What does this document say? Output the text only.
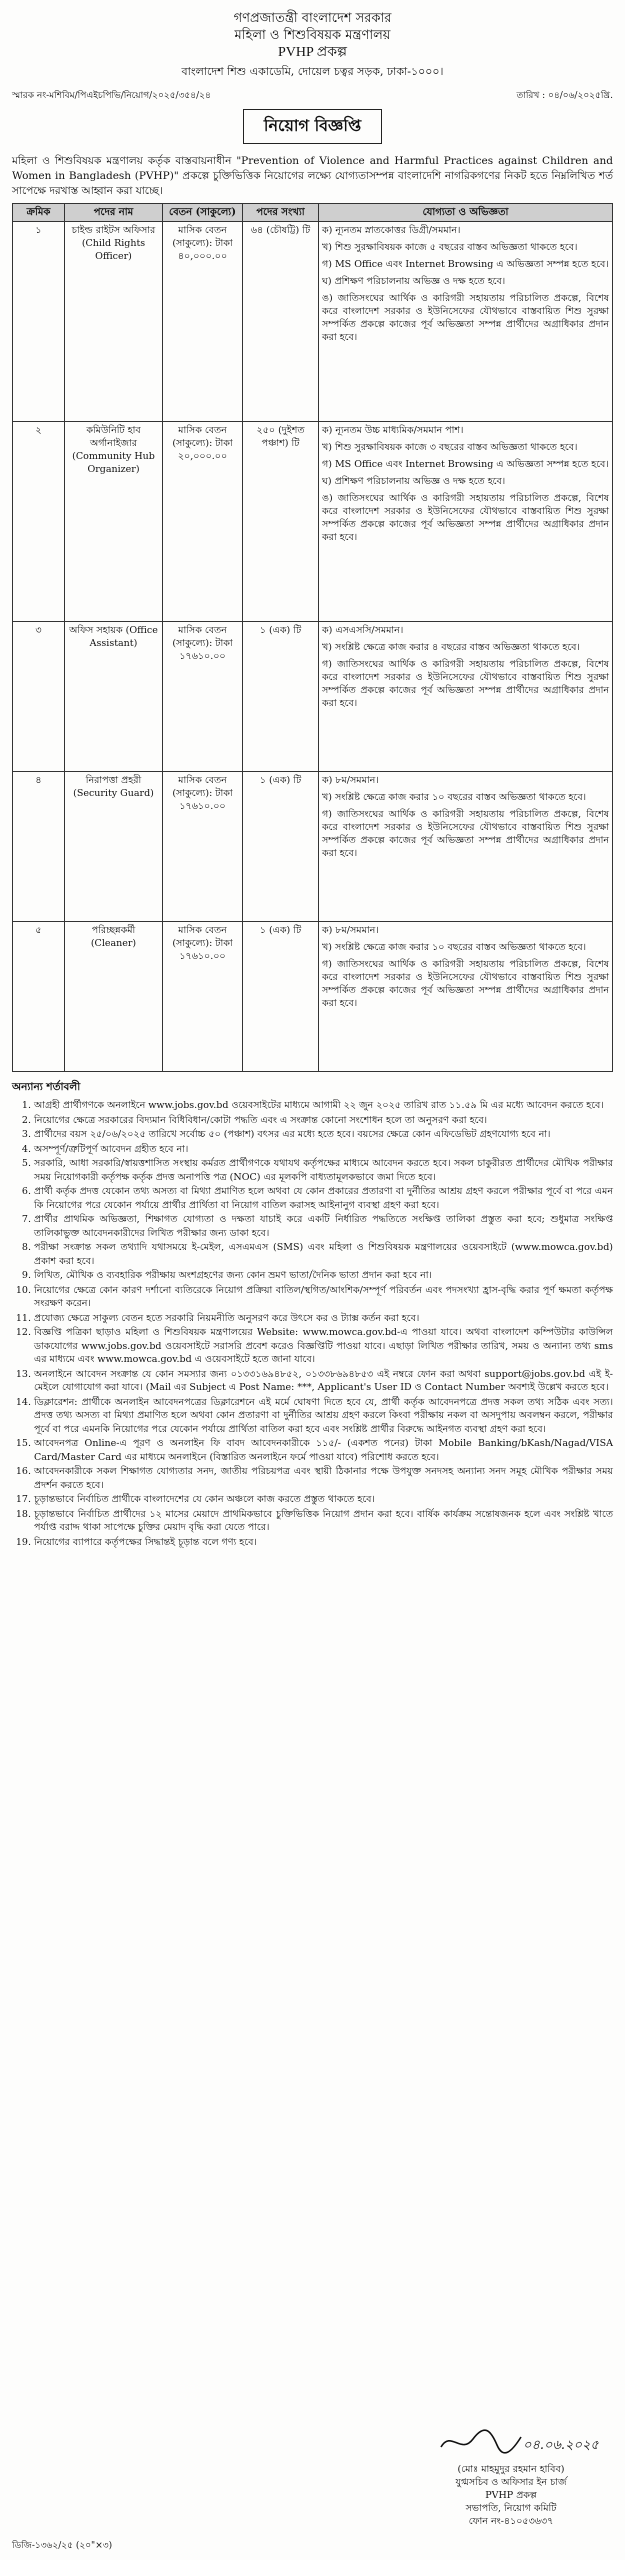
গণপ্রজাতন্ত্রী বাংলাদেশ সরকার
মহিলা ও শিশুবিষয়ক মন্ত্রণালয়
PVHP প্রকল্প
বাংলাদেশ শিশু একাডেমি, দোয়েল চত্বর সড়ক, ঢাকা-১০০০।
স্মারক নং-মশিবিম/পিএইচপিভি/নিয়োগ/২০২৫/৩৫৪/২৪	তারিখ : ০৪/০৬/২০২৫খ্রি.
নিয়োগ বিজ্ঞপ্তি
মহিলা ও শিশুবিষয়ক মন্ত্রণালয় কর্তৃক বাস্তবায়নাধীন "Prevention of Violence and Harmful Practices against Children and Women in Bangladesh (PVHP)" প্রকল্পে চুক্তিভিত্তিক নিয়োগের লক্ষ্যে যোগ্যতাসম্পন্ন বাংলাদেশি নাগরিকগণের নিকট হতে নিম্নলিখিত শর্ত সাপেক্ষে দরখাস্ত আহ্বান করা যাচ্ছে।
ক্রমিক	পদের নাম	বেতন (সাকুল্যে)	পদের সংখ্যা	যোগ্যতা ও অভিজ্ঞতা
১	চাইল্ড রাইটস অফিসার (Child Rights Officer)	মাসিক বেতন (সাকুল্যে): টাকা ৪০,০০০.০০	৬৪ (চৌষট্টি) টি	ক) ন্যূনতম স্নাতকোত্তর ডিগ্রী/সমমান।
খ) শিশু সুরক্ষাবিষয়ক কাজে ৫ বছরের বাস্তব অভিজ্ঞতা থাকতে হবে।
গ) MS Office এবং Internet Browsing এ অভিজ্ঞতা সম্পন্ন হতে হবে।
ঘ) প্রশিক্ষণ পরিচালনায় অভিজ্ঞ ও দক্ষ হতে হবে।
ঙ) জাতিসংঘের আর্থিক ও কারিগরী সহায়তায় পরিচালিত প্রকল্পে, বিশেষ করে বাংলাদেশ সরকার ও ইউনিসেফের যৌথভাবে বাস্তবায়িত শিশু সুরক্ষা সম্পর্কিত প্রকল্পে কাজের পূর্ব অভিজ্ঞতা সম্পন্ন প্রার্থীদের অগ্রাধিকার প্রদান করা হবে।

২	কমিউনিটি হাব অর্গানাইজার (Community Hub Organizer)	মাসিক বেতন (সাকুল্যে): টাকা ২০,০০০.০০	২৫০ (দুইশত পঞ্চাশ) টি	ক) ন্যূনতম উচ্চ মাধ্যমিক/সমমান পাশ।
খ) শিশু সুরক্ষাবিষয়ক কাজে ৩ বছরের বাস্তব অভিজ্ঞতা থাকতে হবে।
গ) MS Office এবং Internet Browsing এ অভিজ্ঞতা সম্পন্ন হতে হবে।
ঘ) প্রশিক্ষণ পরিচালনায় অভিজ্ঞ ও দক্ষ হতে হবে।
ঙ) জাতিসংঘের আর্থিক ও কারিগরী সহায়তায় পরিচালিত প্রকল্পে, বিশেষ করে বাংলাদেশ সরকার ও ইউনিসেফের যৌথভাবে বাস্তবায়িত শিশু সুরক্ষা সম্পর্কিত প্রকল্পে কাজের পূর্ব অভিজ্ঞতা সম্পন্ন প্রার্থীদের অগ্রাধিকার প্রদান করা হবে।

৩	অফিস সহায়ক (Office Assistant)	মাসিক বেতন (সাকুল্যে): টাকা ১৭৬১০.০০	১ (এক) টি	ক) এসএসসি/সমমান।
খ) সংশ্লিষ্ট ক্ষেত্রে কাজ করার ৪ বছরের বাস্তব অভিজ্ঞতা থাকতে হবে।
গ) জাতিসংঘের আর্থিক ও কারিগরী সহায়তায় পরিচালিত প্রকল্পে, বিশেষ করে বাংলাদেশ সরকার ও ইউনিসেফের যৌথভাবে বাস্তবায়িত শিশু সুরক্ষা সম্পর্কিত প্রকল্পে কাজের পূর্ব অভিজ্ঞতা সম্পন্ন প্রার্থীদের অগ্রাধিকার প্রদান করা হবে।

৪	নিরাপত্তা প্রহরী (Security Guard)	মাসিক বেতন (সাকুল্যে): টাকা ১৭৬১০.০০	১ (এক) টি	ক) ৮ম/সমমান।
খ) সংশ্লিষ্ট ক্ষেত্রে কাজ করার ১০ বছরের বাস্তব অভিজ্ঞতা থাকতে হবে।
গ) জাতিসংঘের আর্থিক ও কারিগরী সহায়তায় পরিচালিত প্রকল্পে, বিশেষ করে বাংলাদেশ সরকার ও ইউনিসেফের যৌথভাবে বাস্তবায়িত শিশু সুরক্ষা সম্পর্কিত প্রকল্পে কাজের পূর্ব অভিজ্ঞতা সম্পন্ন প্রার্থীদের অগ্রাধিকার প্রদান করা হবে।

৫	পরিচ্ছন্নকর্মী (Cleaner)	মাসিক বেতন (সাকুল্যে): টাকা ১৭৬১০.০০	১ (এক) টি	ক) ৮ম/সমমান।
খ) সংশ্লিষ্ট ক্ষেত্রে কাজ করার ১০ বছরের বাস্তব অভিজ্ঞতা থাকতে হবে।
গ) জাতিসংঘের আর্থিক ও কারিগরী সহায়তায় পরিচালিত প্রকল্পে, বিশেষ করে বাংলাদেশ সরকার ও ইউনিসেফের যৌথভাবে বাস্তবায়িত শিশু সুরক্ষা সম্পর্কিত প্রকল্পে কাজের পূর্ব অভিজ্ঞতা সম্পন্ন প্রার্থীদের অগ্রাধিকার প্রদান করা হবে।
অন্যান্য শর্তাবলী
1. আগ্রহী প্রার্থীগণকে অনলাইনে www.jobs.gov.bd ওয়েবসাইটের মাধ্যমে আগামী ২২ জুন ২০২৫ তারিখ রাত ১১.৫৯ মি এর মধ্যে আবেদন করতে হবে।
2. নিয়োগের ক্ষেত্রে সরকারের বিদ্যমান বিধিবিধান/কোটা পদ্ধতি এবং এ সংক্রান্ত কোনো সংশোধন হলে তা অনুসরণ করা হবে।
3. প্রার্থীদের বয়স ২৫/০৬/২০২৫ তারিখে সর্বোচ্চ ৫০ (পঞ্চাশ) বৎসর এর মধ্যে হতে হবে। বয়সের ক্ষেত্রে কোন এফিডেভিট গ্রহণযোগ্য হবে না।
4. অসম্পূর্ণ/ত্রুটিপূর্ণ আবেদন গ্রহীত হবে না।
5. সরকারি, আধা সরকারি/স্বায়ত্তশাসিত সংস্থায় কর্মরত প্রার্থীগণকে যথাযথ কর্তৃপক্ষের মাধ্যমে আবেদন করতে হবে। সকল চাকুরীরত প্রার্থীদের মৌখিক পরীক্ষার সময় নিয়োগকারী কর্তৃপক্ষ কর্তৃক প্রদত্ত অনাপত্তি পত্র (NOC) এর মূলকপি বাধ্যতামূলকভাবে জমা দিতে হবে।
6. প্রার্থী কর্তৃক প্রদত্ত যেকোন তথ্য অসত্য বা মিথ্যা প্রমাণিত হলে অথবা যে কোন প্রকারের প্রতারণা বা দুর্নীতির আশ্রয় গ্রহণ করলে পরীক্ষার পূর্বে বা পরে এমন কি নিয়োগের পরে যেকোন পর্যায়ে প্রার্থীর প্রার্থিতা বা নিয়োগ বাতিল করাসহ আইনানুগ ব্যবস্থা গ্রহণ করা হবে।
7. প্রার্থীর প্রাথমিক অভিজ্ঞতা, শিক্ষাগত যোগ্যতা ও দক্ষতা যাচাই করে একটি নির্ধারিত পদ্ধতিতে সংক্ষিপ্ত তালিকা প্রস্তুত করা হবে; শুধুমাত্র সংক্ষিপ্ত তালিকাভুক্ত আবেদনকারীদের লিখিত পরীক্ষার জন্য ডাকা হবে।
8. পরীক্ষা সংক্রান্ত সকল তথ্যাদি যথাসময়ে ই-মেইল, এসএমএস (SMS) এবং মহিলা ও শিশুবিষয়ক মন্ত্রণালয়ের ওয়েবসাইটে (www.mowca.gov.bd) প্রকাশ করা হবে।
9. লিখিত, মৌখিক ও ব্যবহারিক পরীক্ষায় অংশগ্রহণের জন্য কোন ভ্রমণ ভাতা/দৈনিক ভাতা প্রদান করা হবে না।
10. নিয়োগের ক্ষেত্রে কোন কারণ দর্শানো ব্যতিরেকে নিয়োগ প্রক্রিয়া বাতিল/স্থগিত/আংশিক/সম্পূর্ণ পরিবর্তন এবং পদসংখ্যা হ্রাস-বৃদ্ধি করার পূর্ণ ক্ষমতা কর্তৃপক্ষ সংরক্ষণ করেন।
11. প্রযোজ্য ক্ষেত্রে সাকুল্য বেতন হতে সরকারি নিয়মনীতি অনুসরণ করে উৎসে কর ও ট্যাক্স কর্তন করা হবে।
12. বিজ্ঞপ্তি পত্রিকা ছাড়াও মহিলা ও শিশুবিষয়ক মন্ত্রণালয়ের Website: www.mowca.gov.bd-এ পাওয়া যাবে। অথবা বাংলাদেশ কম্পিউটার কাউন্সিল ডাকযোগের www.jobs.gov.bd ওয়েবসাইটে সরাসরি প্রবেশ করেও বিজ্ঞপ্তিটি পাওয়া যাবে। এছাড়া লিখিত পরীক্ষার তারিখ, সময় ও অন্যান্য তথ্য sms এর মাধ্যমে এবং www.mowca.gov.bd এ ওয়েবসাইটে হতে জানা যাবে।
13. অনলাইনে আবেদন সংক্রান্ত যে কোন সমস্যার জন্য ০১৩৩১৬৯৪৮৫২, ০১৩৩৮৬৯৪৮৫৩ এই নম্বরে ফোন করা অথবা support@jobs.gov.bd এই ই-মেইলে যোগাযোগ করা যাবে। (Mail এর Subject এ Post Name: ***, Applicant's User ID ও Contact Number অবশ্যই উল্লেখ করতে হবে।
14. ডিক্লারেশন: প্রার্থীকে অনলাইন আবেদনপত্রের ডিক্লারেশনে এই মর্মে ঘোষণা দিতে হবে যে, প্রার্থী কর্তৃক আবেদনপত্রে প্রদত্ত সকল তথ্য সঠিক এবং সত্য। প্রদত্ত তথ্য অসত্য বা মিথ্যা প্রমাণিত হলে অথবা কোন প্রতারণা বা দুর্নীতির আশ্রয় গ্রহণ করলে কিংবা পরীক্ষায় নকল বা অসদুপায় অবলম্বন করলে, পরীক্ষার পূর্বে বা পরে এমনকি নিয়োগের পরে যেকোন পর্যায়ে প্রার্থিতা বাতিল করা হবে এবং সংশ্লিষ্ট প্রার্থীর বিরুদ্ধে আইনগত ব্যবস্থা গ্রহণ করা হবে।
15. আবেদনপত্র Online-এ পূরণ ও অনলাইন ফি বাবদ আবেদনকারীকে ১১৫/- (একশত পনের) টাকা Mobile Banking/bKash/Nagad/VISA Card/Master Card এর মাধ্যমে অনলাইনে (বিস্তারিত অনলাইনে ফর্মে পাওয়া যাবে) পরিশোধ করতে হবে।
16. আবেদনকারীকে সকল শিক্ষাগত যোগ্যতার সনদ, জাতীয় পরিচয়পত্র এবং স্থায়ী ঠিকানার পক্ষে উপযুক্ত সনদসহ অন্যান্য সনদ সমূহ মৌখিক পরীক্ষার সময় প্রদর্শন করতে হবে।
17. চূড়ান্তভাবে নির্বাচিত প্রার্থীকে বাংলাদেশের যে কোন অঞ্চলে কাজ করতে প্রস্তুত থাকতে হবে।
18. চূড়ান্তভাবে নির্বাচিত প্রার্থীদের ১২ মাসের মেয়াদে প্রাথমিকভাবে চুক্তিভিত্তিক নিয়োগ প্রদান করা হবে। বার্ষিক কার্যক্রম সন্তোষজনক হলে এবং সংশ্লিষ্ট খাতে পর্যাপ্ত বরাদ্দ থাকা সাপেক্ষে চুক্তির মেয়াদ বৃদ্ধি করা যেতে পারে।
19. নিয়োগের ব্যাপারে কর্তৃপক্ষের সিদ্ধান্তই চূড়ান্ত বলে গণ্য হবে।
০৪.০৬.২০২৫
(মোঃ মাহমুদুর রহমান হাবিব)
যুগ্মসচিব ও অফিসার ইন চার্জ
PVHP প্রকল্প
সভাপতি, নিয়োগ কমিটি
ফোন নং-৪১০৫৩৬৩৭
ডিজি-১৩৬২/২৫ (২০"×৩)
